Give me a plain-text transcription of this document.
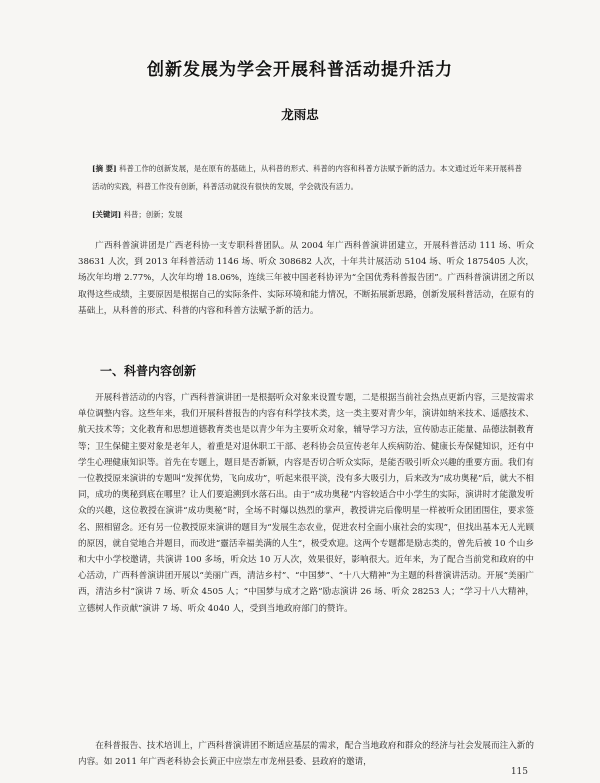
创新发展为学会开展科普活动提升活力
龙雨忠
[摘 要] 科普工作的创新发展，是在原有的基础上，从科普的形式、科普的内容和科普方法赋予新的活力。本文通过近年来开展科普活动的实践，科普工作没有创新，科普活动就没有很快的发展，学会就没有活力。
[关键词] 科普；创新；发展
广西科普演讲团是广西老科协一支专职科普团队。从 2004 年广西科普演讲团建立，开展科普活动 111 场、听众 38631 人次，到 2013 年科普活动 1146 场、听众 308682 人次，十年共计展活动 5104 场、听众 1875405 人次，场次年均增 2.77%，人次年均增 18.06%，连续三年被中国老科协评为“全国优秀科普报告团”。广西科普演讲团之所以取得这些成绩，主要原因是根据自己的实际条件、实际环境和能力情况，不断拓展新思路，创新发展科普活动，在原有的基础上，从科普的形式、科普的内容和科普方法赋予新的活力。
一、科普内容创新
开展科普活动的内容，广西科普演讲团一是根据听众对象来设置专题，二是根据当前社会热点更新内容，三是按需求单位调整内容。这些年来，我们开展科普报告的内容有科学技术类，这一类主要对青少年，演讲如纳米技术、遥感技术、航天技术等；文化教育和思想道德教育类也是以青少年为主要听众对象，辅导学习方法，宣传励志正能量、品德法制教育等；卫生保健主要对象是老年人，着重是对退休职工干部、老科协会员宣传老年人疾病防治、健康长寿保健知识，还有中学生心理健康知识等。首先在专题上，题目是否新颖，内容是否切合听众实际，是能否吸引听众兴趣的重要方面。我们有一位教授原来演讲的专题叫“发挥优势，飞向成功”，听起来很平淡，没有多大吸引力，后来改为“成功奥秘”后，就大不相同，成功的奥秘到底在哪里？让人们要追溯到水落石出。由于“成功奥秘”内容较适合中小学生的实际，演讲时才能激发听众的兴趣，这位教授在演讲“成功奥秘”时，全场不时爆以热烈的掌声，教授讲完后像明星一样被听众团团围住，要求签名、照相留念。还有另一位教授原来演讲的题目为“发展生态农业，促进农村全面小康社会的实现”，但找出基本无人光顾的原因，就自觉地合并题目，而改进“靈活幸福美满的人生”，极受欢迎。这两个专题都是励志类的，曾先后被 10 个山乡和大中小学校邀请，共演讲 100 多场，听众达 10 万人次，效果很好，影响很大。近年来，为了配合当前党和政府的中心活动，广西科普演讲团开展以“美丽广西，清洁乡村”、“中国梦”、“十八大精神”为主题的科普演讲活动。开展“美丽广西，清洁乡村”演讲 7 场、听众 4505 人；“中国梦与成才之路”励志演讲 26 场、听众 28253 人；“学习十八大精神，立德树人作贡献”演讲 7 场、听众 4040 人，受到当地政府部门的赞许。
在科普报告、技术培训上，广西科普演讲团不断适应基层的需求，配合当地政府和群众的经济与社会发展而注入新的内容。如 2011 年广西老科协会长黄正中应崇左市龙州县委、县政府的邀请，
115
